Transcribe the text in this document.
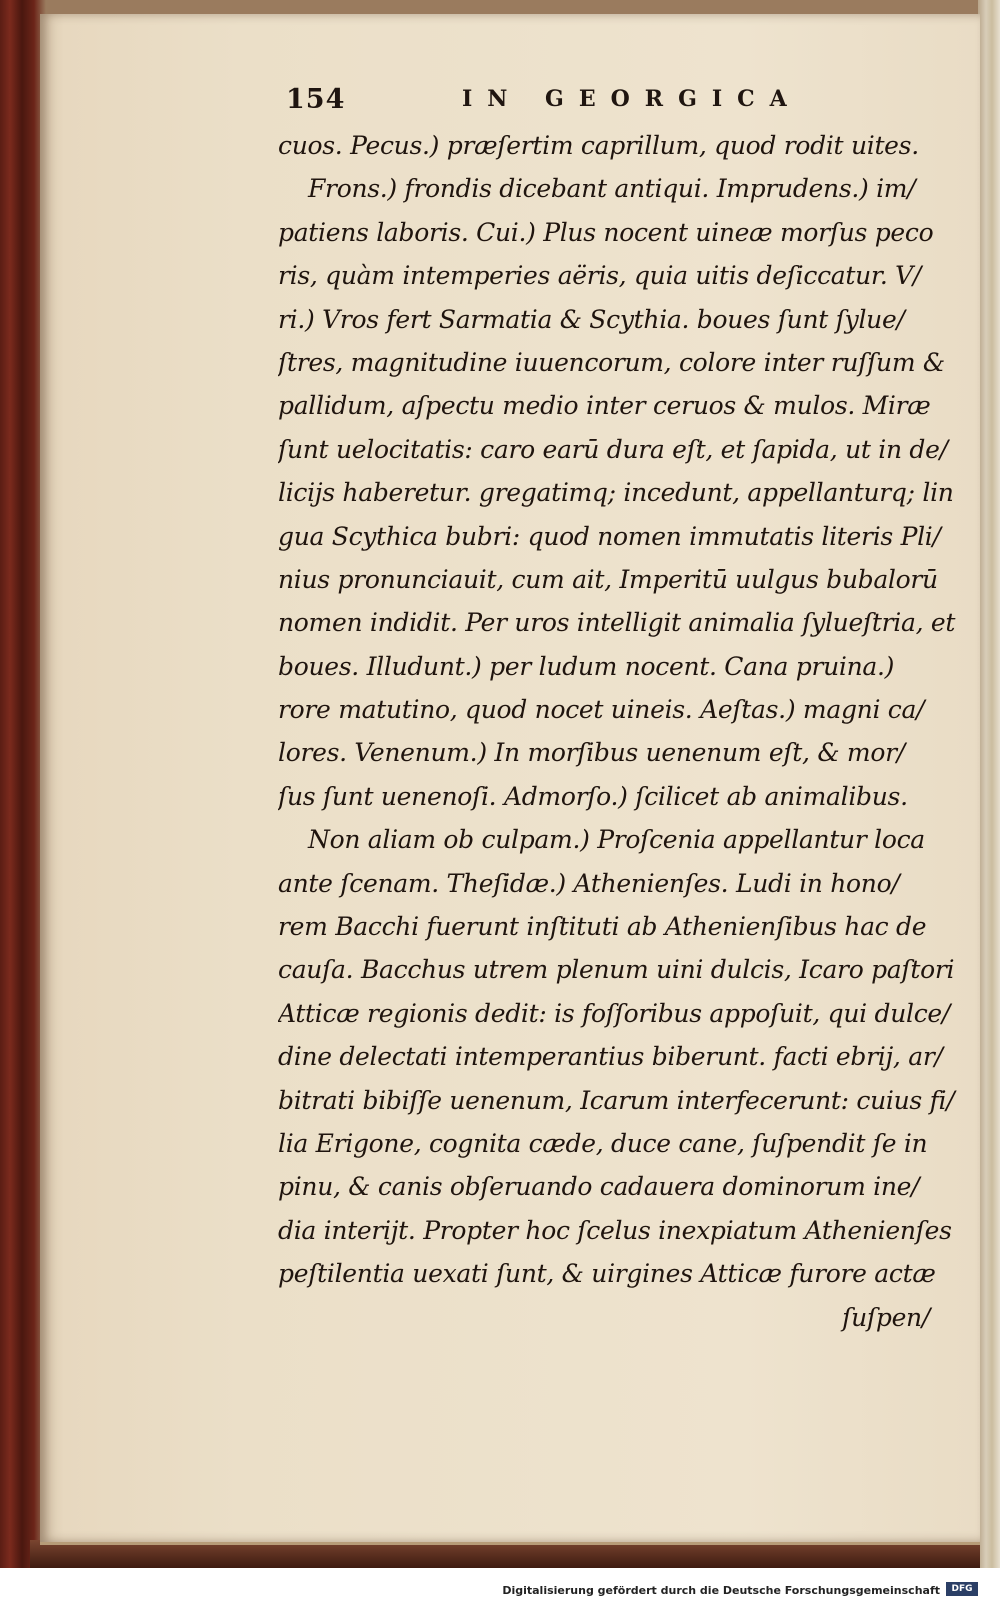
154	IN GEORGICA
cuos. Pecus.) præſertim caprillum, quod rodit uites.
Frons.) frondis dicebant antiqui. Imprudens.) im/
patiens laboris. Cui.) Plus nocent uineæ morſus peco
ris, quàm intemperies aëris, quia uitis deſiccatur. V/
ri.) Vros fert Sarmatia & Scythia. boues ſunt ſylue/
ſtres, magnitudine iuuencorum, colore inter ruſſum &
pallidum, aſpectu medio inter ceruos & mulos. Miræ
ſunt uelocitatis: caro earū dura eſt, et ſapida, ut in de/
licijs haberetur. gregatimq; incedunt, appellanturq; lin
gua Scythica bubri: quod nomen immutatis literis Pli/
nius pronunciauit, cum ait, Imperitū uulgus bubalorū
nomen indidit. Per uros intelligit animalia ſylueſtria, et
boues. Illudunt.) per ludum nocent. Cana pruina.)
rore matutino, quod nocet uineis. Aeſtas.) magni ca/
lores. Venenum.) In morſibus uenenum eſt, & mor/
ſus ſunt uenenoſi. Admorſo.) ſcilicet ab animalibus.
Non aliam ob culpam.) Proſcenia appellantur loca
ante ſcenam. Theſidæ.) Athenienſes. Ludi in hono/
rem Bacchi fuerunt inſtituti ab Athenienſibus hac de
cauſa. Bacchus utrem plenum uini dulcis, Icaro paſtori
Atticæ regionis dedit: is foſſoribus appoſuit, qui dulce/
dine delectati intemperantius biberunt. facti ebrij, ar/
bitrati bibiſſe uenenum, Icarum interfecerunt: cuius fi/
lia Erigone, cognita cæde, duce cane, ſuſpendit ſe in
pinu, & canis obſeruando cadauera dominorum ine/
dia interijt. Propter hoc ſcelus inexpiatum Athenienſes
peſtilentia uexati ſunt, & uirgines Atticæ furore actæ
ſuſpen/
Digitalisierung gefördert durch die Deutsche Forschungsgemeinschaft	DFG
